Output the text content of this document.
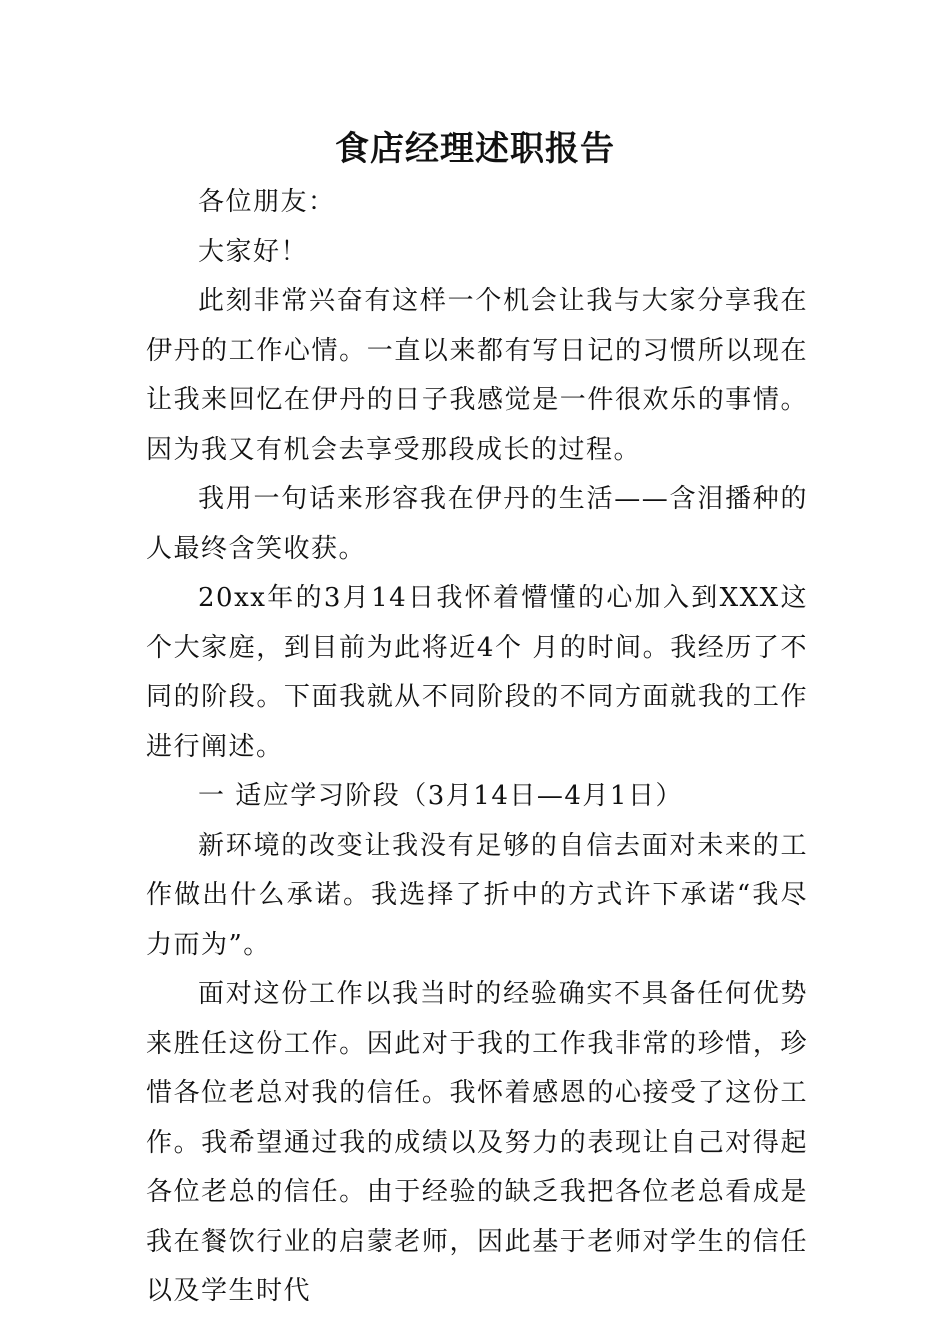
食店经理述职报告

各位朋友：

大家好！

此刻非常兴奋有这样一个机会让我与大家分享我在伊丹的工作心情。一直以来都有写日记的习惯所以现在让我来回忆在伊丹的日子我感觉是一件很欢乐的事情。因为我又有机会去享受那段成长的过程。

我用一句话来形容我在伊丹的生活——含泪播种的人最终含笑收获。

20xx年的3月14日我怀着懵懂的心加入到XXX这个大家庭，到目前为此将近4个 月的时间。我经历了不同的阶段。下面我就从不同阶段的不同方面就我的工作进行阐述。

一 适应学习阶段（3月14日—4月1日）

新环境的改变让我没有足够的自信去面对未来的工作做出什么承诺。我选择了折中的方式许下承诺“我尽力而为”。

面对这份工作以我当时的经验确实不具备任何优势来胜任这份工作。因此对于我的工作我非常的珍惜，珍惜各位老总对我的信任。我怀着感恩的心接受了这份工作。我希望通过我的成绩以及努力的表现让自己对得起各位老总的信任。由于经验的缺乏我把各位老总看成是我在餐饮行业的启蒙老师，因此基于老师对学生的信任以及学生时代
